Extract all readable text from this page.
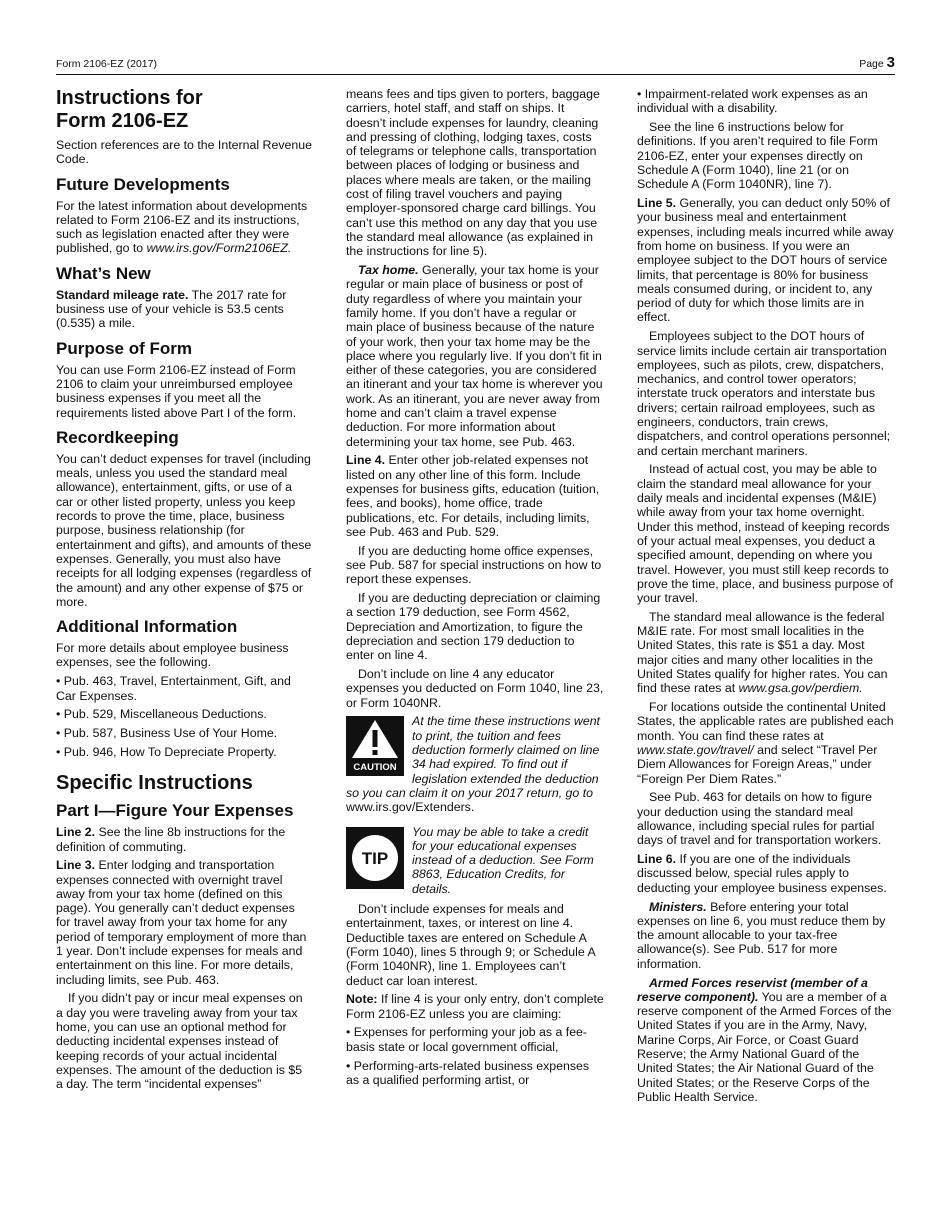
Form 2106-EZ (2017)	Page 3
Instructions for
Form 2106-EZ

Section references are to the Internal Revenue Code.

Future Developments

For the latest information about developments related to Form 2106-EZ and its instructions, such as legislation enacted after they were published, go to www.irs.gov/Form2106EZ.

What’s New

Standard mileage rate. The 2017 rate for business use of your vehicle is 53.5 cents (0.535) a mile.

Purpose of Form

You can use Form 2106-EZ instead of Form 2106 to claim your unreimbursed employee business expenses if you meet all the requirements listed above Part I of the form.

Recordkeeping

You can’t deduct expenses for travel (including meals, unless you used the standard meal allowance), entertainment, gifts, or use of a car or other listed property, unless you keep records to prove the time, place, business purpose, business relationship (for entertainment and gifts), and amounts of these expenses. Generally, you must also have receipts for all lodging expenses (regardless of the amount) and any other expense of $75 or more.

Additional Information

For more details about employee business expenses, see the following.

• Pub. 463, Travel, Entertainment, Gift, and Car Expenses.

• Pub. 529, Miscellaneous Deductions.

• Pub. 587, Business Use of Your Home.

• Pub. 946, How To Depreciate Property.

Specific Instructions
Part I—Figure Your Expenses

Line 2. See the line 8b instructions for the definition of commuting.

Line 3. Enter lodging and transportation expenses connected with overnight travel away from your tax home (defined on this page). You generally can’t deduct expenses for travel away from your tax home for any period of temporary employment of more than 1 year. Don’t include expenses for meals and entertainment on this line. For more details, including limits, see Pub. 463.

If you didn’t pay or incur meal expenses on a day you were traveling away from your tax home, you can use an optional method for deducting incidental expenses instead of keeping records of your actual incidental expenses. The amount of the deduction is $5 a day. The term “incidental expenses”

means fees and tips given to porters, baggage carriers, hotel staff, and staff on ships. It doesn’t include expenses for laundry, cleaning and pressing of clothing, lodging taxes, costs of telegrams or telephone calls, transportation between places of lodging or business and places where meals are taken, or the mailing cost of filing travel vouchers and paying employer-sponsored charge card billings. You can’t use this method on any day that you use the standard meal allowance (as explained in the instructions for line 5).

Tax home. Generally, your tax home is your regular or main place of business or post of duty regardless of where you maintain your family home. If you don’t have a regular or main place of business because of the nature of your work, then your tax home may be the place where you regularly live. If you don’t fit in either of these categories, you are considered an itinerant and your tax home is wherever you work. As an itinerant, you are never away from home and can’t claim a travel expense deduction. For more information about determining your tax home, see Pub. 463.

Line 4. Enter other job-related expenses not listed on any other line of this form. Include expenses for business gifts, education (tuition, fees, and books), home office, trade publications, etc. For details, including limits, see Pub. 463 and Pub. 529.

If you are deducting home office expenses, see Pub. 587 for special instructions on how to report these expenses.

If you are deducting depreciation or claiming a section 179 deduction, see Form 4562, Depreciation and Amortization, to figure the depreciation and section 179 deduction to enter on line 4.

Don’t include on line 4 any educator expenses you deducted on Form 1040, line 23, or Form 1040NR.

CAUTION
At the time these instructions went to print, the tuition and fees deduction formerly claimed on line 34 had expired. To find out if legislation extended the deduction so you can claim it on your 2017 return, go to www.irs.gov/Extenders.
TIP
You may be able to take a credit for your educational expenses instead of a deduction. See Form 8863, Education Credits, for details.

Don’t include expenses for meals and entertainment, taxes, or interest on line 4. Deductible taxes are entered on Schedule A (Form 1040), lines 5 through 9; or Schedule A (Form 1040NR), line 1. Employees can’t deduct car loan interest.

Note: If line 4 is your only entry, don’t complete Form 2106-EZ unless you are claiming:

• Expenses for performing your job as a fee-basis state or local government official,

• Performing-arts-related business expenses as a qualified performing artist, or

• Impairment-related work expenses as an individual with a disability.

See the line 6 instructions below for definitions. If you aren’t required to file Form 2106-EZ, enter your expenses directly on Schedule A (Form 1040), line 21 (or on Schedule A (Form 1040NR), line 7).

Line 5. Generally, you can deduct only 50% of your business meal and entertainment expenses, including meals incurred while away from home on business. If you were an employee subject to the DOT hours of service limits, that percentage is 80% for business meals consumed during, or incident to, any period of duty for which those limits are in effect.

Employees subject to the DOT hours of service limits include certain air transportation employees, such as pilots, crew, dispatchers, mechanics, and control tower operators; interstate truck operators and interstate bus drivers; certain railroad employees, such as engineers, conductors, train crews, dispatchers, and control operations personnel; and certain merchant mariners.

Instead of actual cost, you may be able to claim the standard meal allowance for your daily meals and incidental expenses (M&IE) while away from your tax home overnight. Under this method, instead of keeping records of your actual meal expenses, you deduct a specified amount, depending on where you travel. However, you must still keep records to prove the time, place, and business purpose of your travel.

The standard meal allowance is the federal M&IE rate. For most small localities in the United States, this rate is $51 a day. Most major cities and many other localities in the United States qualify for higher rates. You can find these rates at www.gsa.gov/perdiem.

For locations outside the continental United States, the applicable rates are published each month. You can find these rates at www.state.gov/travel/ and select “Travel Per Diem Allowances for Foreign Areas,” under “Foreign Per Diem Rates.”

See Pub. 463 for details on how to figure your deduction using the standard meal allowance, including special rules for partial days of travel and for transportation workers.

Line 6. If you are one of the individuals discussed below, special rules apply to deducting your employee business expenses.

Ministers. Before entering your total expenses on line 6, you must reduce them by the amount allocable to your tax-free allowance(s). See Pub. 517 for more information.

Armed Forces reservist (member of a reserve component). You are a member of a reserve component of the Armed Forces of the United States if you are in the Army, Navy, Marine Corps, Air Force, or Coast Guard Reserve; the Army National Guard of the United States; the Air National Guard of the United States; or the Reserve Corps of the Public Health Service.
